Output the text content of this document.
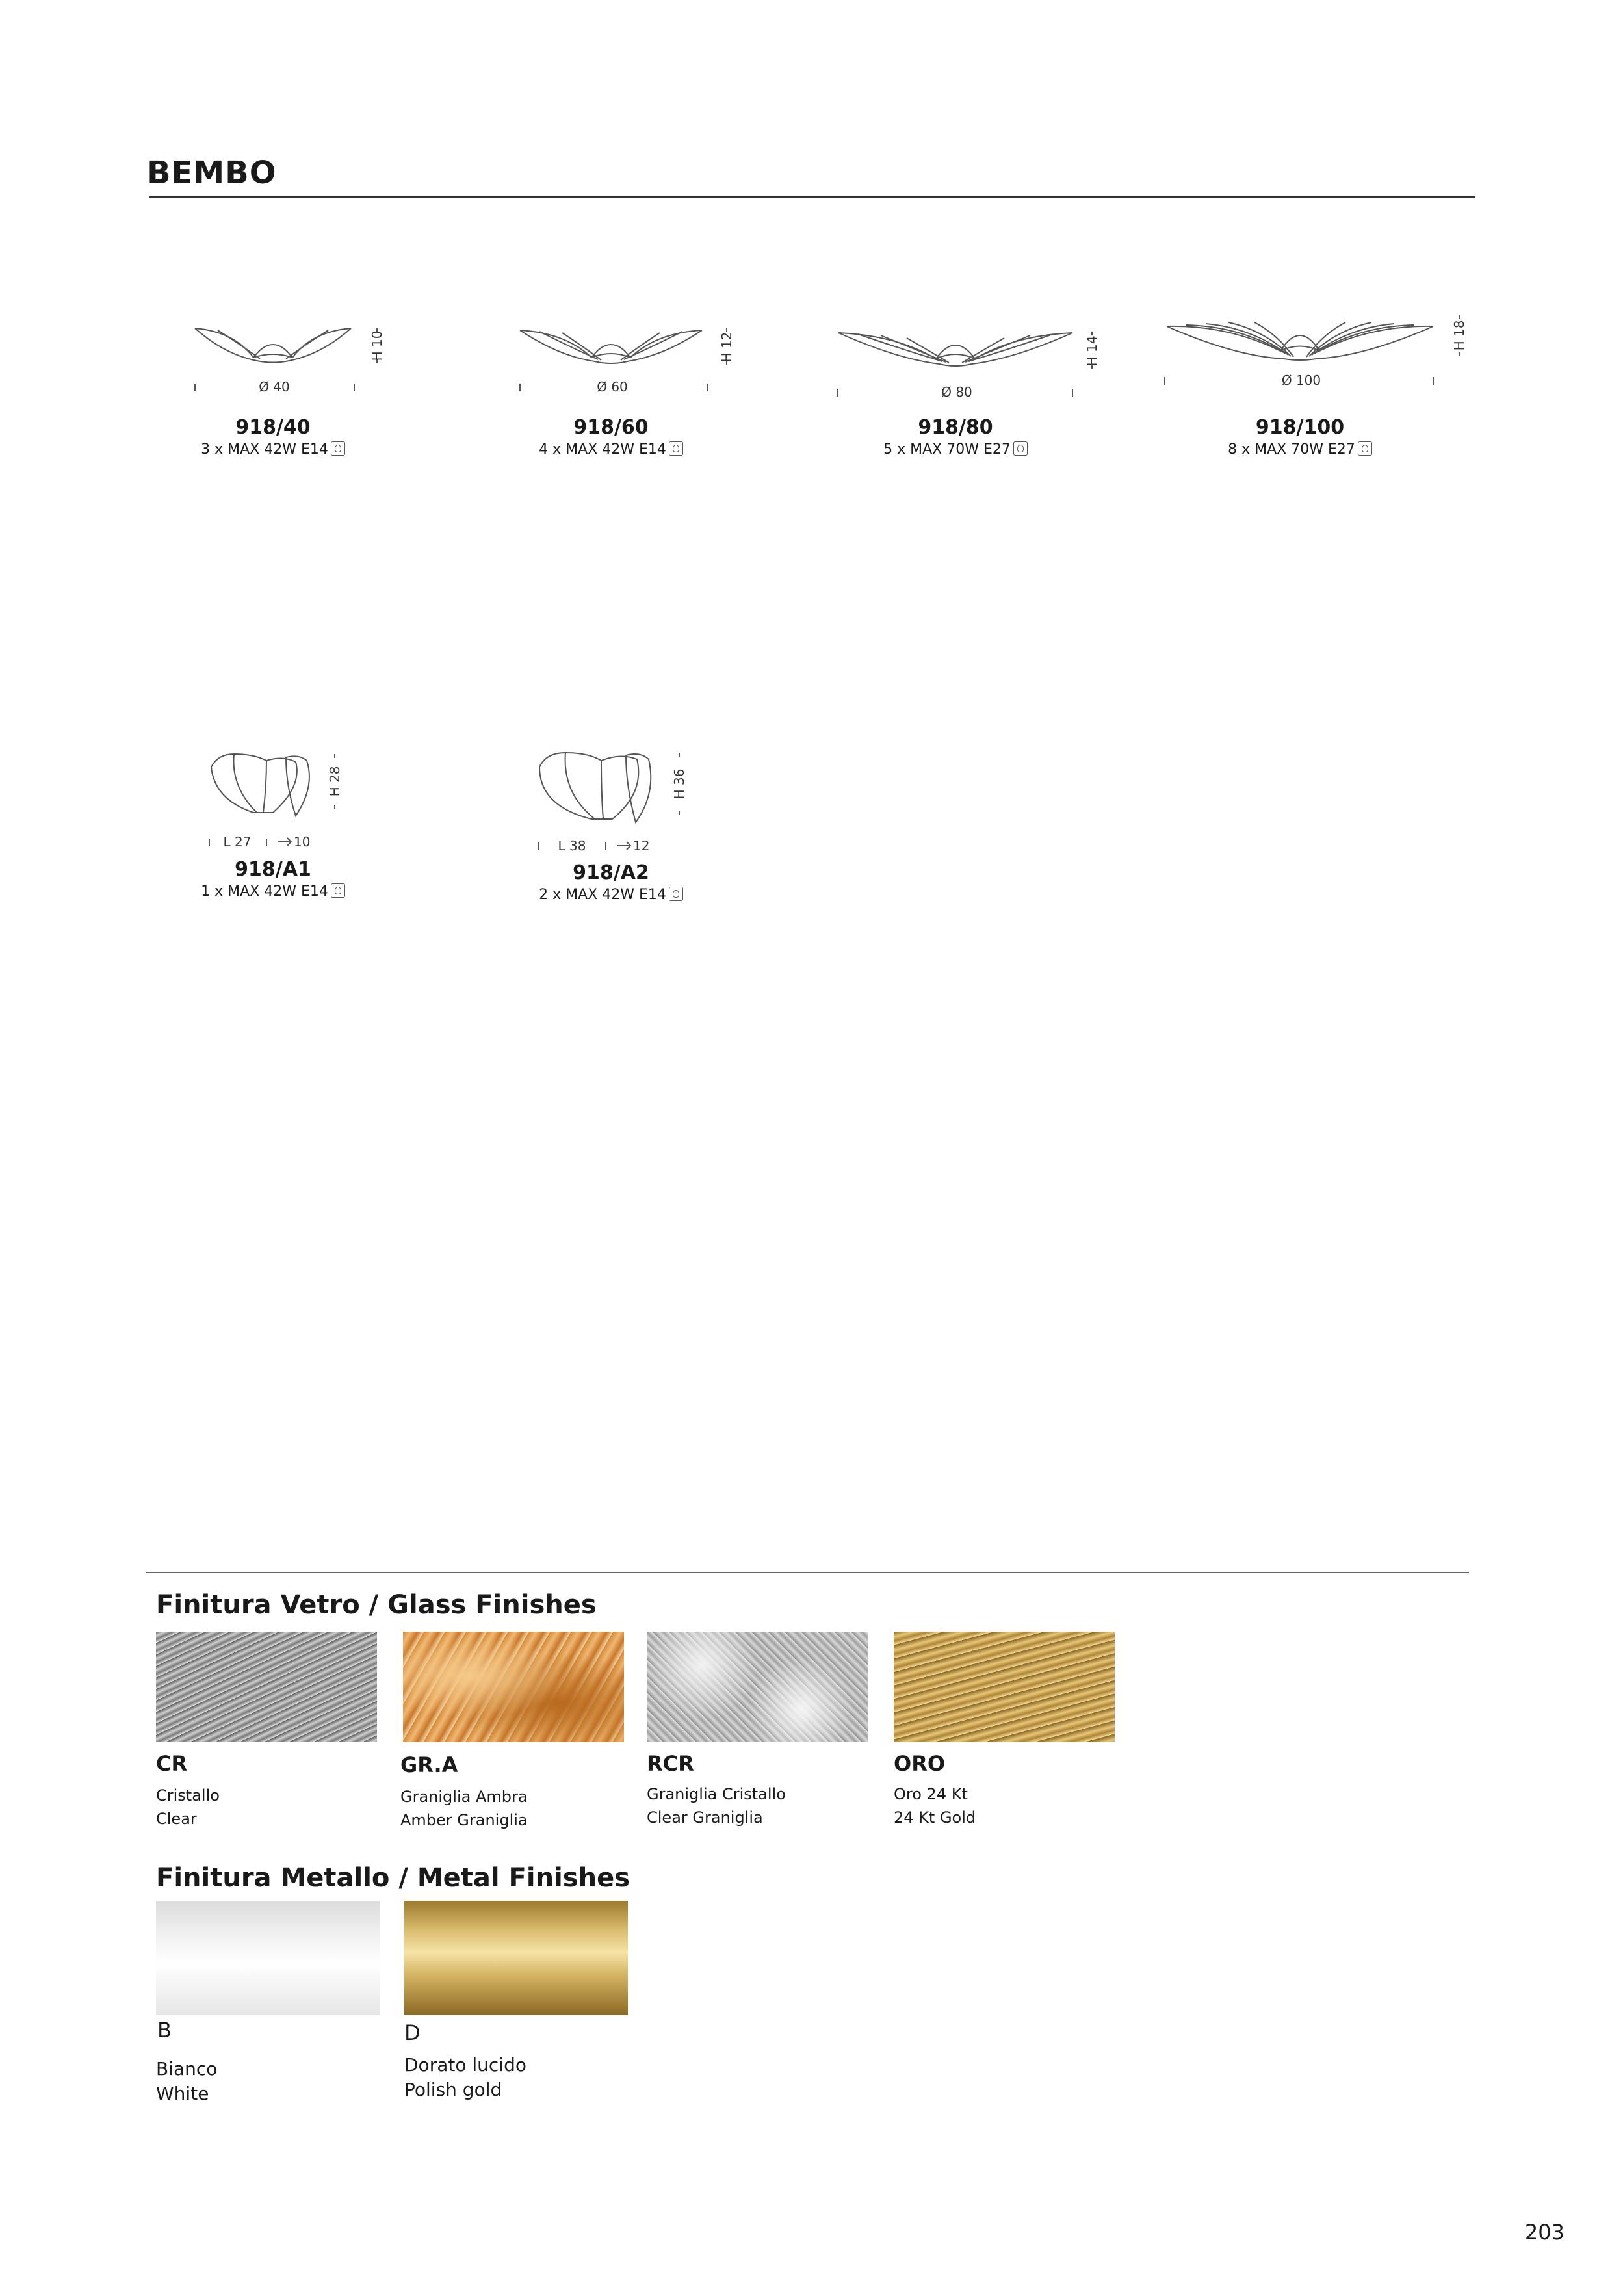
BEMBO
Ø 40
H 10
918/40
3 x MAX 42W E14
Ø 60
H 12
918/60
4 x MAX 42W E14
Ø 80
H 14
918/80
5 x MAX 70W E27
Ø 100
H 18
918/100
8 x MAX 70W E27
L 27	10
H 28
918/A1
1 x MAX 42W E14
L 38	12
H 36
918/A2
2 x MAX 42W E14
Finitura Vetro / Glass Finishes
CR
Cristallo
Clear
GR.A
Graniglia Ambra
Amber Graniglia
RCR
Graniglia Cristallo
Clear Graniglia
ORO
Oro 24 Kt
24 Kt Gold
Finitura Metallo / Metal Finishes
B
Bianco
White
D
Dorato lucido
Polish gold
203
